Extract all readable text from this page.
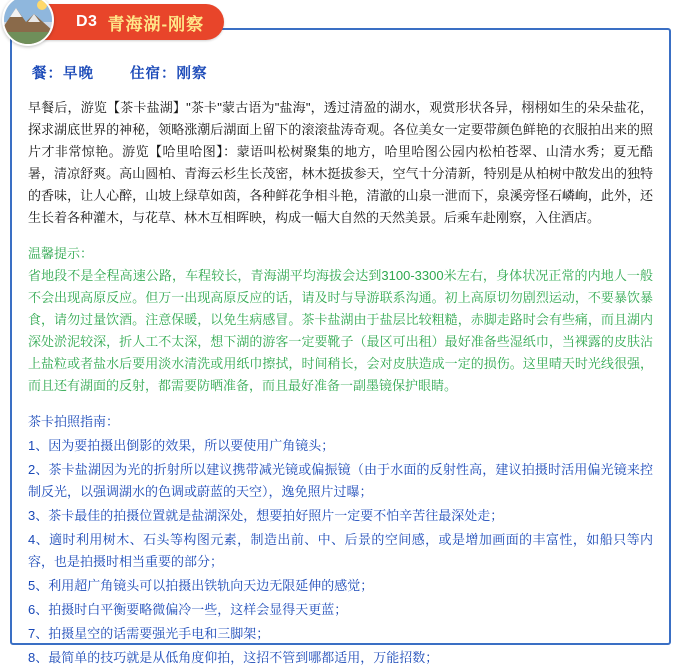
餐：早晚 住宿：刚察

早餐后，游览【茶卡盐湖】"茶卡"蒙古语为"盐海"，透过清盈的湖水，观赏形状各异，栩栩如生的朵朵盐花，探求湖底世界的神秘，领略涨潮后湖面上留下的滚滚盐涛奇观。各位美女一定要带颜色鲜艳的衣服拍出来的照片才非常惊艳。游览【哈里哈图】：蒙语叫松树聚集的地方，哈里哈图公园内松柏苍翠、山清水秀；夏无酷暑，清凉舒爽。高山圆柏、青海云杉生长茂密，林木挺拔参天，空气十分清新，特别是从柏树中散发出的独特的香味，让人心醉，山坡上绿草如茵，各种鲜花争相斗艳，清澈的山泉一泄而下，泉溪旁怪石嶙峋，此外，还生长着各种灌木，与花草、林木互相晖映，构成一幅大自然的天然美景。后乘车赴刚察，入住酒店。

温馨提示：

省地段不是全程高速公路，车程较长，青海湖平均海拔会达到3100-3300米左右，身体状况正常的内地人一般不会出现高原反应。但万一出现高原反应的话，请及时与导游联系沟通。初上高原切勿剧烈运动，不要暴饮暴食，请勿过量饮酒。注意保暖，以免生病感冒。茶卡盐湖由于盐层比较粗糙，赤脚走路时会有些痛，而且湖内深处淤泥较深，折人工不太深，想下湖的游客一定要靴子（最区可出租）最好准备些湿纸巾，当裸露的皮肤沾上盐粒或者盐水后要用淡水清洗或用纸巾擦拭，时间稍长，会对皮肤造成一定的损伤。这里晴天时光线很强，而且还有湖面的反射，都需要防晒准备，而且最好准备一副墨镜保护眼睛。

茶卡拍照指南：

1、因为要拍摄出倒影的效果，所以要使用广角镜头；

2、茶卡盐湖因为光的折射所以建议携带减光镜或偏振镜（由于水面的反射性高，建议拍摄时活用偏光镜来控制反光，以强调湖水的色调或蔚蓝的天空），逸免照片过曝；

3、茶卡最佳的拍摄位置就是盐湖深处，想要拍好照片一定要不怕辛苦往最深处走；

4、適时利用树木、石头等构图元素，制造出前、中、后景的空间感，或是增加画面的丰富性，如船只等内容，也是拍摄时相当重要的部分；

5、利用超广角镜头可以拍摄出铁轨向天边无限延伸的感觉；

6、拍摄时白平衡要略微偏冷一些，这样会显得天更蓝；

7、拍摄星空的话需要强光手电和三脚架；

8、最简单的技巧就是从低角度仰拍，这招不管到哪都适用，万能招数；

D3 青海湖-刚察
